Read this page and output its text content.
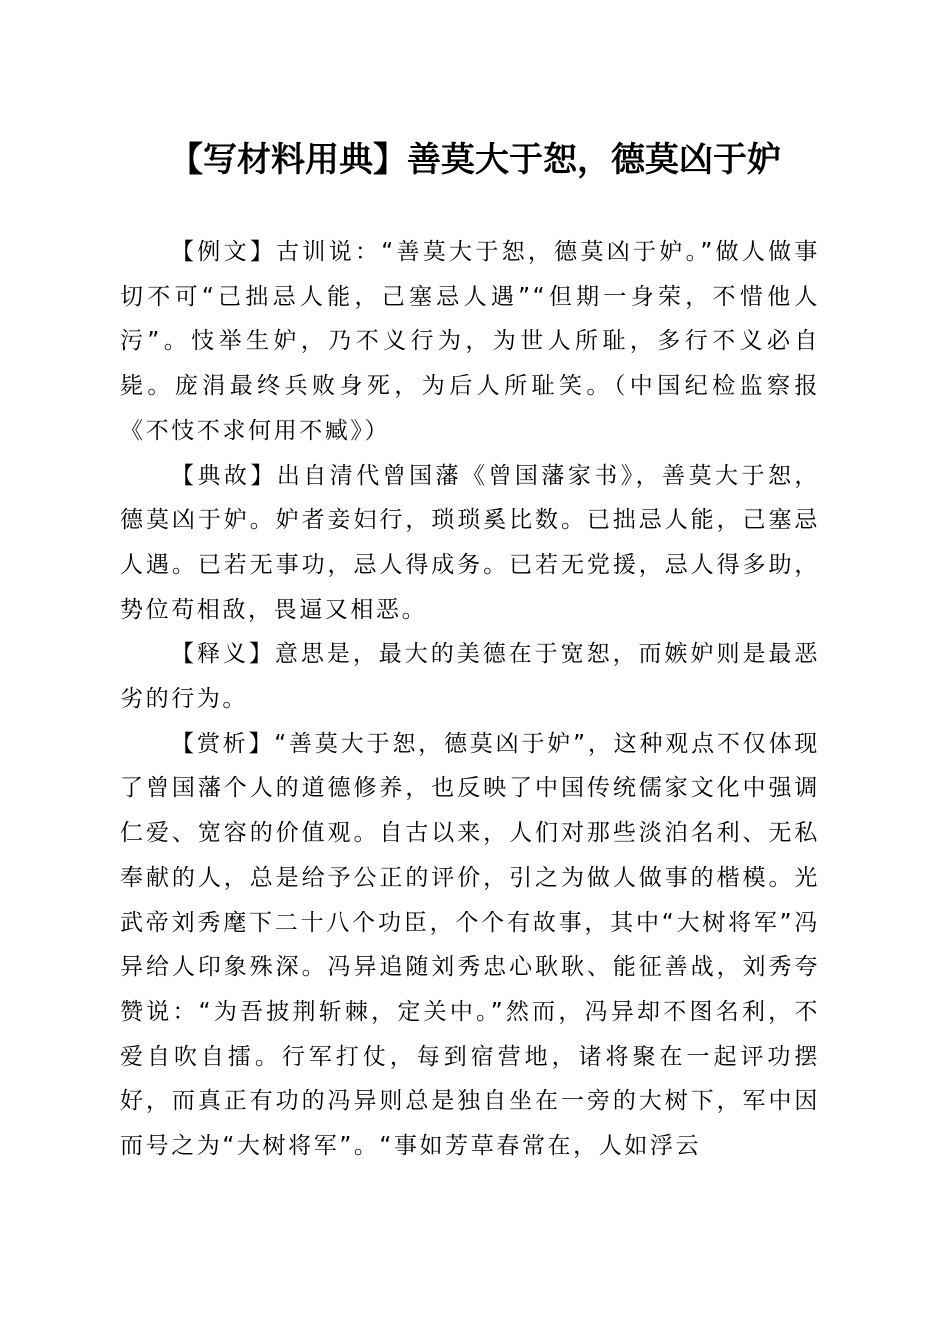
【写材料用典】善莫大于恕，德莫凶于妒

【例文】古训说：“善莫大于恕，德莫凶于妒。”做人做事切不可“己拙忌人能，己塞忌人遇”“但期一身荣，不惜他人污”。忮举生妒，乃不义行为，为世人所耻，多行不义必自毙。庞涓最终兵败身死，为后人所耻笑。（中国纪检监察报《不忮不求何用不臧》）

【典故】出自清代曾国藩《曾国藩家书》，善莫大于恕，德莫凶于妒。妒者妾妇行，琐琐奚比数。已拙忌人能，己塞忌人遇。已若无事功，忌人得成务。已若无党援，忌人得多助，势位苟相敌，畏逼又相恶。

【释义】意思是，最大的美德在于宽恕，而嫉妒则是最恶劣的行为。

【赏析】“善莫大于恕，德莫凶于妒”，这种观点不仅体现了曾国藩个人的道德修养，也反映了中国传统儒家文化中强调仁爱、宽容的价值观。自古以来，人们对那些淡泊名利、无私奉献的人，总是给予公正的评价，引之为做人做事的楷模。光武帝刘秀麾下二十八个功臣，个个有故事，其中“大树将军”冯异给人印象殊深。冯异追随刘秀忠心耿耿、能征善战，刘秀夸赞说：“为吾披荆斩棘，定关中。”然而，冯异却不图名利，不爱自吹自擂。行军打仗，每到宿营地，诸将聚在一起评功摆好，而真正有功的冯异则总是独自坐在一旁的大树下，军中因而号之为“大树将军”。“事如芳草春常在，人如浮云
